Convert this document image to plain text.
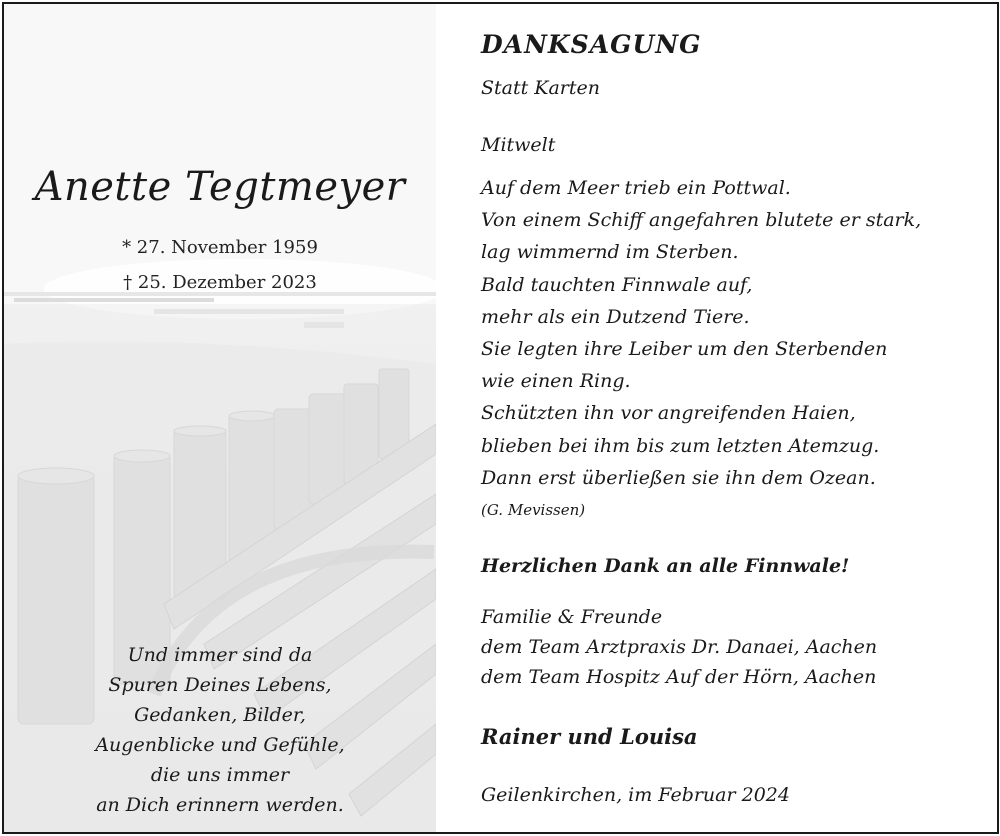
Anette Tegtmeyer
* 27. November 1959
† 25. Dezember 2023
Und immer sind da
Spuren Deines Lebens,
Gedanken, Bilder,
Augenblicke und Gefühle,
die uns immer
an Dich erinnern werden.
DANKSAGUNG
Statt Karten
Mitwelt
Auf dem Meer trieb ein Pottwal.
Von einem Schiff angefahren blutete er stark,
lag wimmernd im Sterben.
Bald tauchten Finnwale auf,
mehr als ein Dutzend Tiere.
Sie legten ihre Leiber um den Sterbenden
wie einen Ring.
Schützten ihn vor angreifenden Haien,
blieben bei ihm bis zum letzten Atemzug.
Dann erst überließen sie ihn dem Ozean.
(G. Mevissen)
Herzlichen Dank an alle Finnwale!
Familie & Freunde
dem Team Arztpraxis Dr. Danaei, Aachen
dem Team Hospitz Auf der Hörn, Aachen
Rainer und Louisa
Geilenkirchen, im Februar 2024
